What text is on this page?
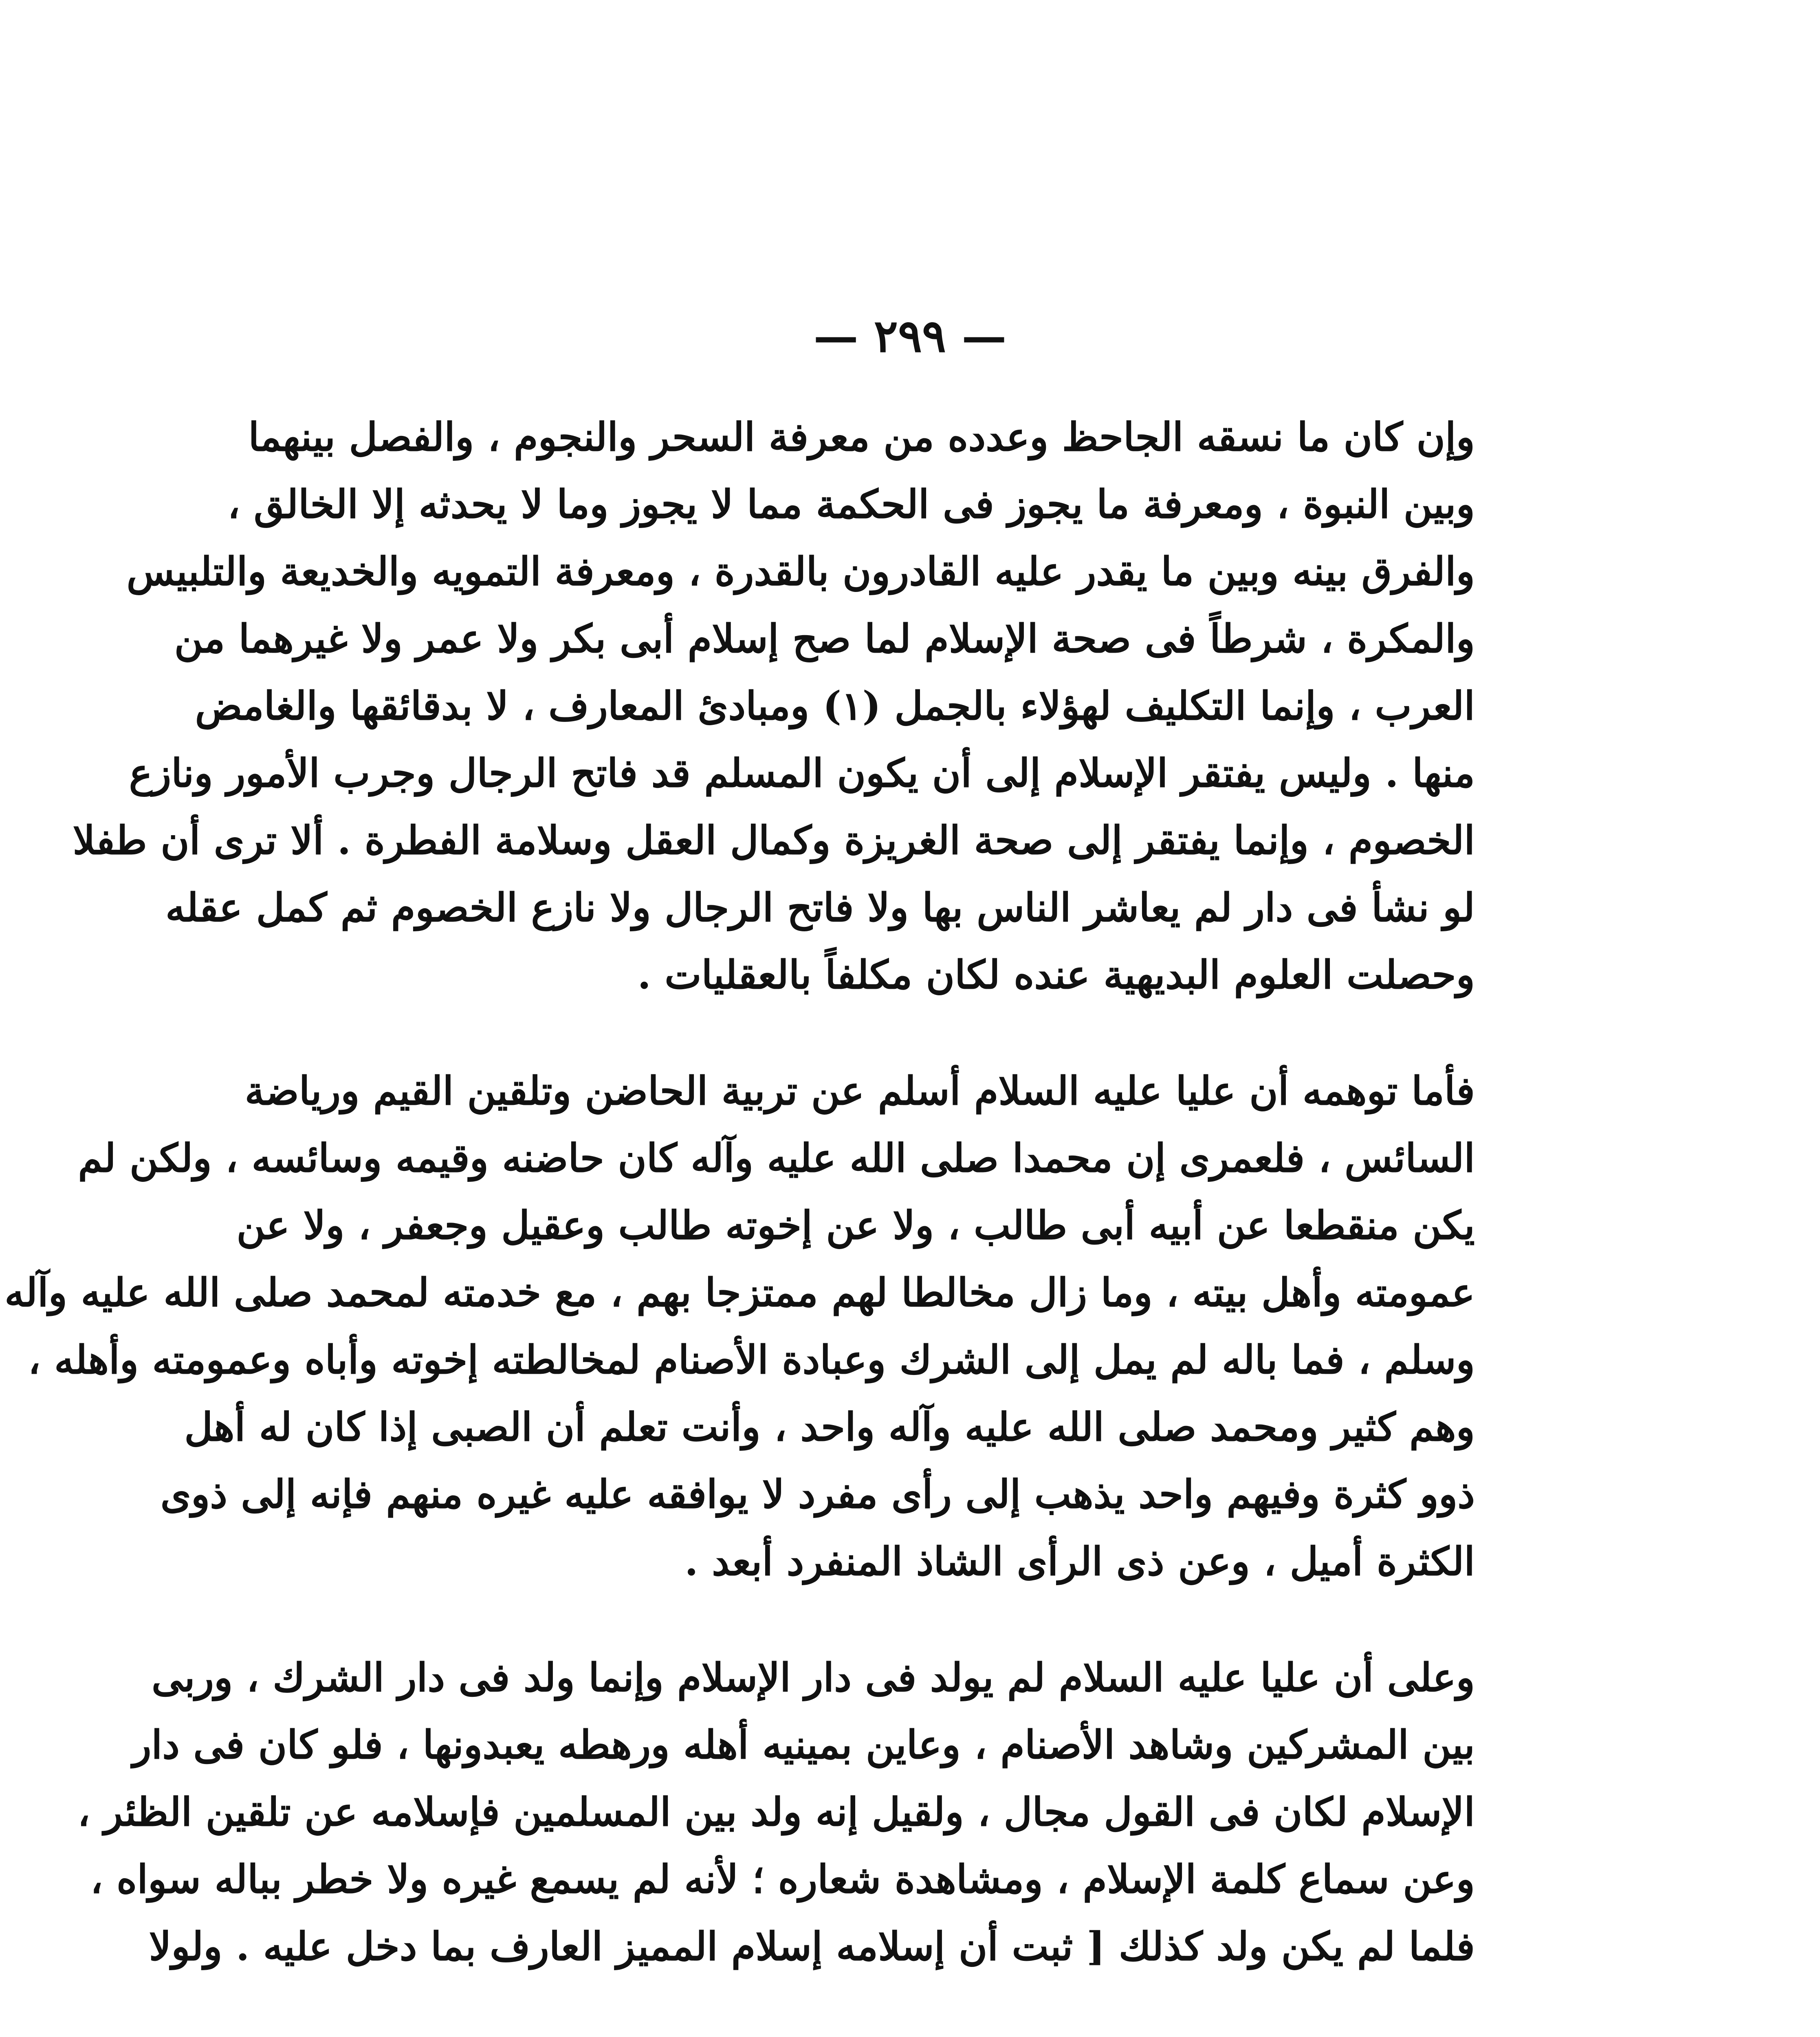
— ٢٩٩ —
وإن كان ما نسقه الجاحظ وعدده من معرفة السحر والنجوم ، والفصل بينهما
وبين النبوة ، ومعرفة ما يجوز فى الحكمة مما لا يجوز وما لا يحدثه إلا الخالق ،
والفرق بينه وبين ما يقدر عليه القادرون بالقدرة ، ومعرفة التمويه والخديعة والتلبيس
والمكرة ، شرطاً فى صحة الإسلام لما صح إسلام أبى بكر ولا عمر ولا غيرهما من
العرب ، وإنما التكليف لهؤلاء بالجمل (١) ومبادئ المعارف ، لا بدقائقها والغامض
منها . وليس يفتقر الإسلام إلى أن يكون المسلم قد فاتح الرجال وجرب الأمور ونازع
الخصوم ، وإنما يفتقر إلى صحة الغريزة وكمال العقل وسلامة الفطرة . ألا ترى أن طفلا
لو نشأ فى دار لم يعاشر الناس بها ولا فاتح الرجال ولا نازع الخصوم ثم كمل عقله
وحصلت العلوم البديهية عنده لكان مكلفاً بالعقليات .
فأما توهمه أن عليا عليه السلام أسلم عن تربية الحاضن وتلقين القيم ورياضة
السائس ، فلعمرى إن محمدا صلى الله عليه وآله كان حاضنه وقيمه وسائسه ، ولكن لم
يكن منقطعا عن أبيه أبى طالب ، ولا عن إخوته طالب وعقيل وجعفر ، ولا عن
عمومته وأهل بيته ، وما زال مخالطا لهم ممتزجا بهم ، مع خدمته لمحمد صلى الله عليه وآله
وسلم ، فما باله لم يمل إلى الشرك وعبادة الأصنام لمخالطته إخوته وأباه وعمومته وأهله ،
وهم كثير ومحمد صلى الله عليه وآله واحد ، وأنت تعلم أن الصبى إذا كان له أهل
ذوو كثرة وفيهم واحد يذهب إلى رأى مفرد لا يوافقه عليه غيره منهم فإنه إلى ذوى
الكثرة أميل ، وعن ذى الرأى الشاذ المنفرد أبعد .
وعلى أن عليا عليه السلام لم يولد فى دار الإسلام وإنما ولد فى دار الشرك ، وربى
بين المشركين وشاهد الأصنام ، وعاين بمينيه أهله ورهطه يعبدونها ، فلو كان فى دار
الإسلام لكان فى القول مجال ، ولقيل إنه ولد بين المسلمين فإسلامه عن تلقين الظئر ،
وعن سماع كلمة الإسلام ، ومشاهدة شعاره ؛ لأنه لم يسمع غيره ولا خطر بباله سواه ،
فلما لم يكن ولد كذلك [ ثبت أن إسلامه إسلام المميز العارف بما دخل عليه . ولولا
